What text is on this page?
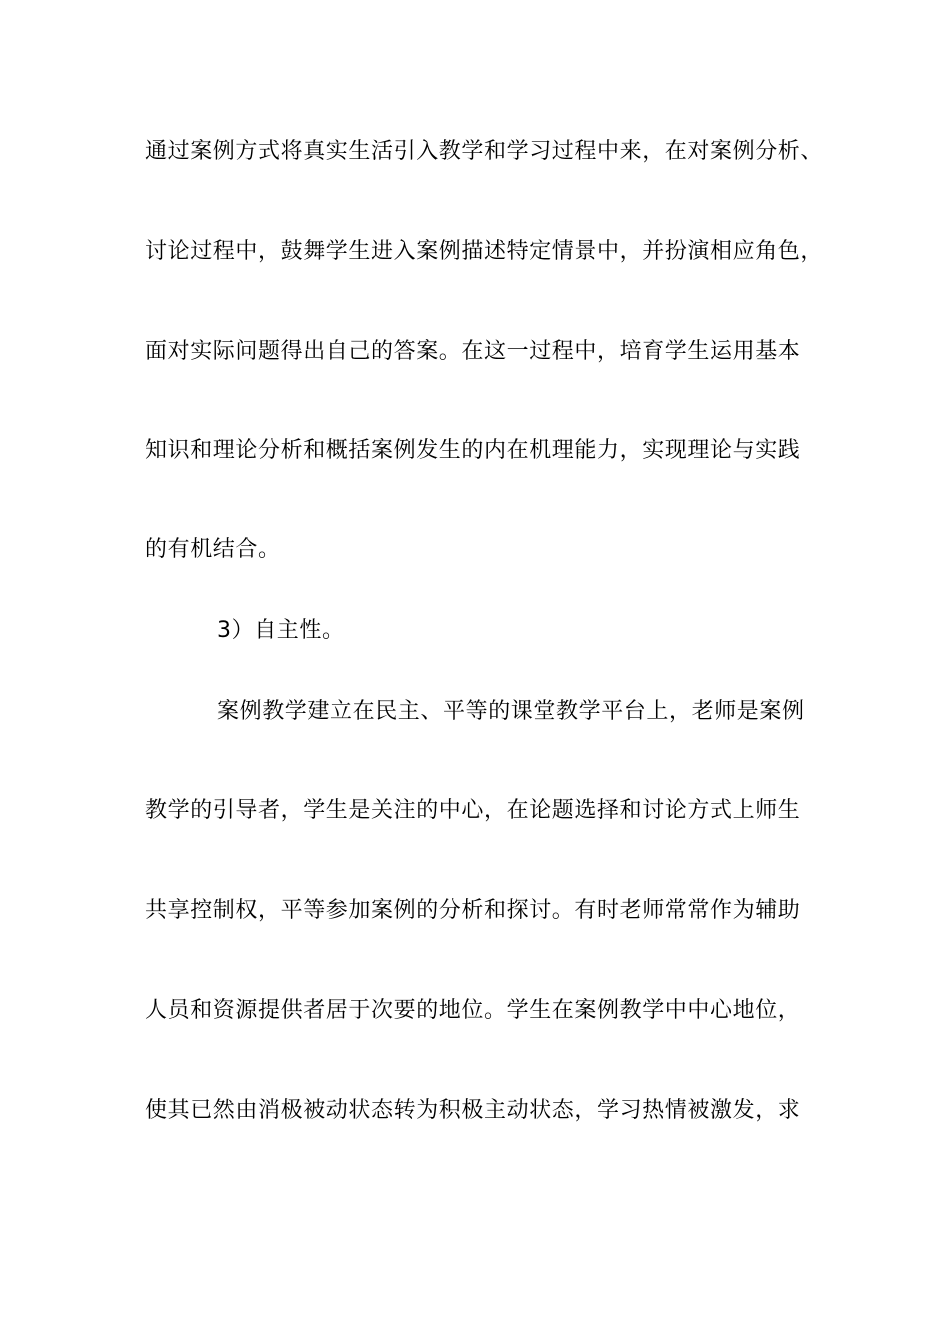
通过案例方式将真实生活引入教学和学习过程中来，在对案例分析、
讨论过程中，鼓舞学生进入案例描述特定情景中，并扮演相应角色，
面对实际问题得出自己的答案。在这一过程中，培育学生运用基本
知识和理论分析和概括案例发生的内在机理能力，实现理论与实践
的有机结合。
3）自主性。
案例教学建立在民主、平等的课堂教学平台上，老师是案例
教学的引导者，学生是关注的中心，在论题选择和讨论方式上师生
共享控制权，平等参加案例的分析和探讨。有时老师常常作为辅助
人员和资源提供者居于次要的地位。学生在案例教学中中心地位，
使其已然由消极被动状态转为积极主动状态，学习热情被激发，求
